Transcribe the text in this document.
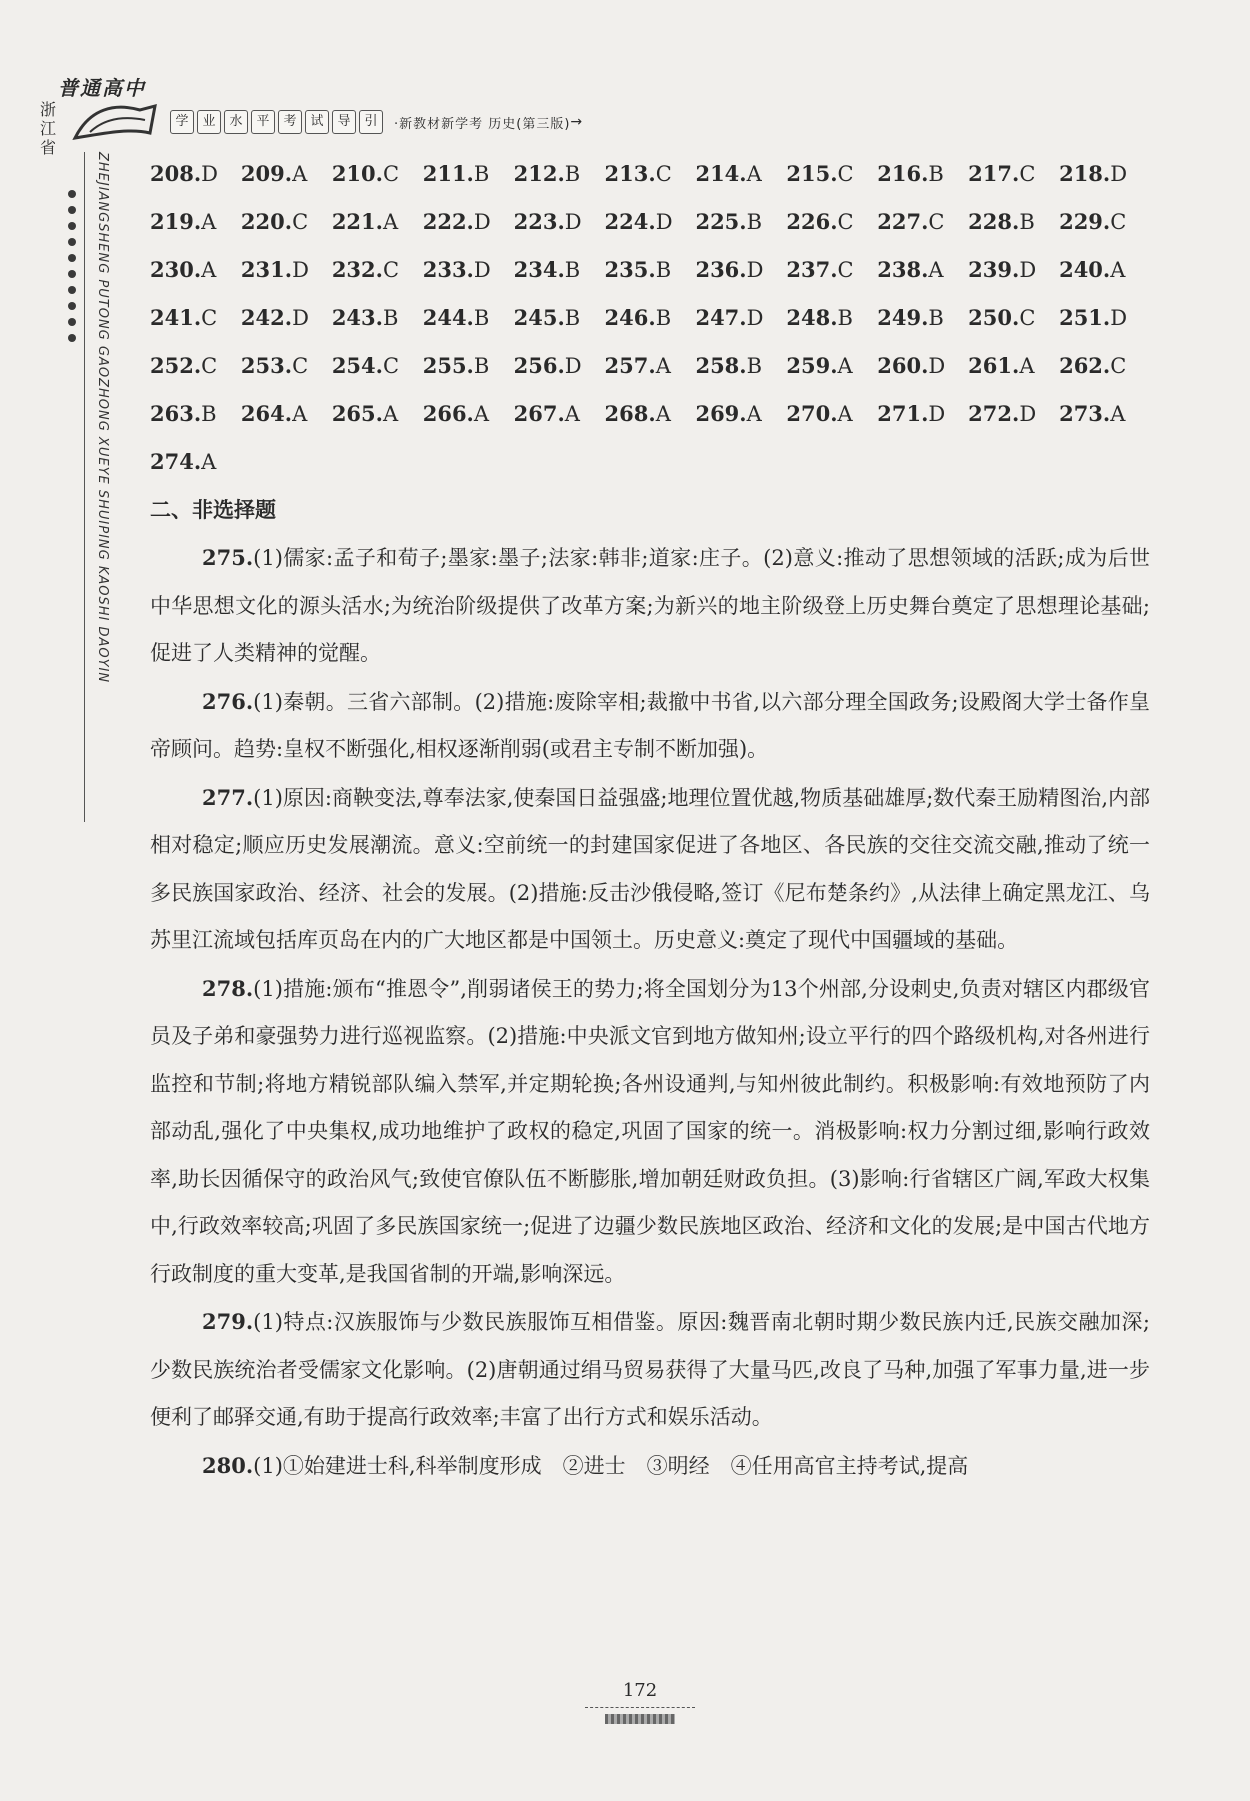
普通高中
浙江省
学 业 水 平 考 试 导 引	·新教材新学考 历史(第三版) →
ZHEJIANGSHENG PUTONG GAOZHONG XUEYE SHUIPING KAOSHI DAOYIN 208.D	209.A	210.C	211.B	212.B	213.C	214.A	215.C	216.B	217.C	218.D
219.A	220.C	221.A	222.D	223.D	224.D	225.B	226.C	227.C	228.B	229.C
230.A	231.D	232.C	233.D	234.B	235.B	236.D	237.C	238.A	239.D	240.A
241.C	242.D	243.B	244.B	245.B	246.B	247.D	248.B	249.B	250.C	251.D
252.C	253.C	254.C	255.B	256.D	257.A	258.B	259.A	260.D	261.A	262.C
263.B	264.A	265.A	266.A	267.A	268.A	269.A	270.A	271.D	272.D	273.A
274.A
二、非选择题

275.(1)儒家:孟子和荀子;墨家:墨子;法家:韩非;道家:庄子。(2)意义:推动了思想领域的活跃;成为后世中华思想文化的源头活水;为统治阶级提供了改革方案;为新兴的地主阶级登上历史舞台奠定了思想理论基础;促进了人类精神的觉醒。

276.(1)秦朝。三省六部制。(2)措施:废除宰相;裁撤中书省,以六部分理全国政务;设殿阁大学士备作皇帝顾问。趋势:皇权不断强化,相权逐渐削弱(或君主专制不断加强)。

277.(1)原因:商鞅变法,尊奉法家,使秦国日益强盛;地理位置优越,物质基础雄厚;数代秦王励精图治,内部相对稳定;顺应历史发展潮流。意义:空前统一的封建国家促进了各地区、各民族的交往交流交融,推动了统一多民族国家政治、经济、社会的发展。(2)措施:反击沙俄侵略,签订《尼布楚条约》,从法律上确定黑龙江、乌苏里江流域包括库页岛在内的广大地区都是中国领土。历史意义:奠定了现代中国疆域的基础。

278.(1)措施:颁布“推恩令”,削弱诸侯王的势力;将全国划分为13个州部,分设刺史,负责对辖区内郡级官员及子弟和豪强势力进行巡视监察。(2)措施:中央派文官到地方做知州;设立平行的四个路级机构,对各州进行监控和节制;将地方精锐部队编入禁军,并定期轮换;各州设通判,与知州彼此制约。积极影响:有效地预防了内部动乱,强化了中央集权,成功地维护了政权的稳定,巩固了国家的统一。消极影响:权力分割过细,影响行政效率,助长因循保守的政治风气;致使官僚队伍不断膨胀,增加朝廷财政负担。(3)影响:行省辖区广阔,军政大权集中,行政效率较高;巩固了多民族国家统一;促进了边疆少数民族地区政治、经济和文化的发展;是中国古代地方行政制度的重大变革,是我国省制的开端,影响深远。

279.(1)特点:汉族服饰与少数民族服饰互相借鉴。原因:魏晋南北朝时期少数民族内迁,民族交融加深;少数民族统治者受儒家文化影响。(2)唐朝通过绢马贸易获得了大量马匹,改良了马种,加强了军事力量,进一步便利了邮驿交通,有助于提高行政效率;丰富了出行方式和娱乐活动。

280.(1)①始建进士科,科举制度形成　②进士　③明经　④任用高官主持考试,提高

172
